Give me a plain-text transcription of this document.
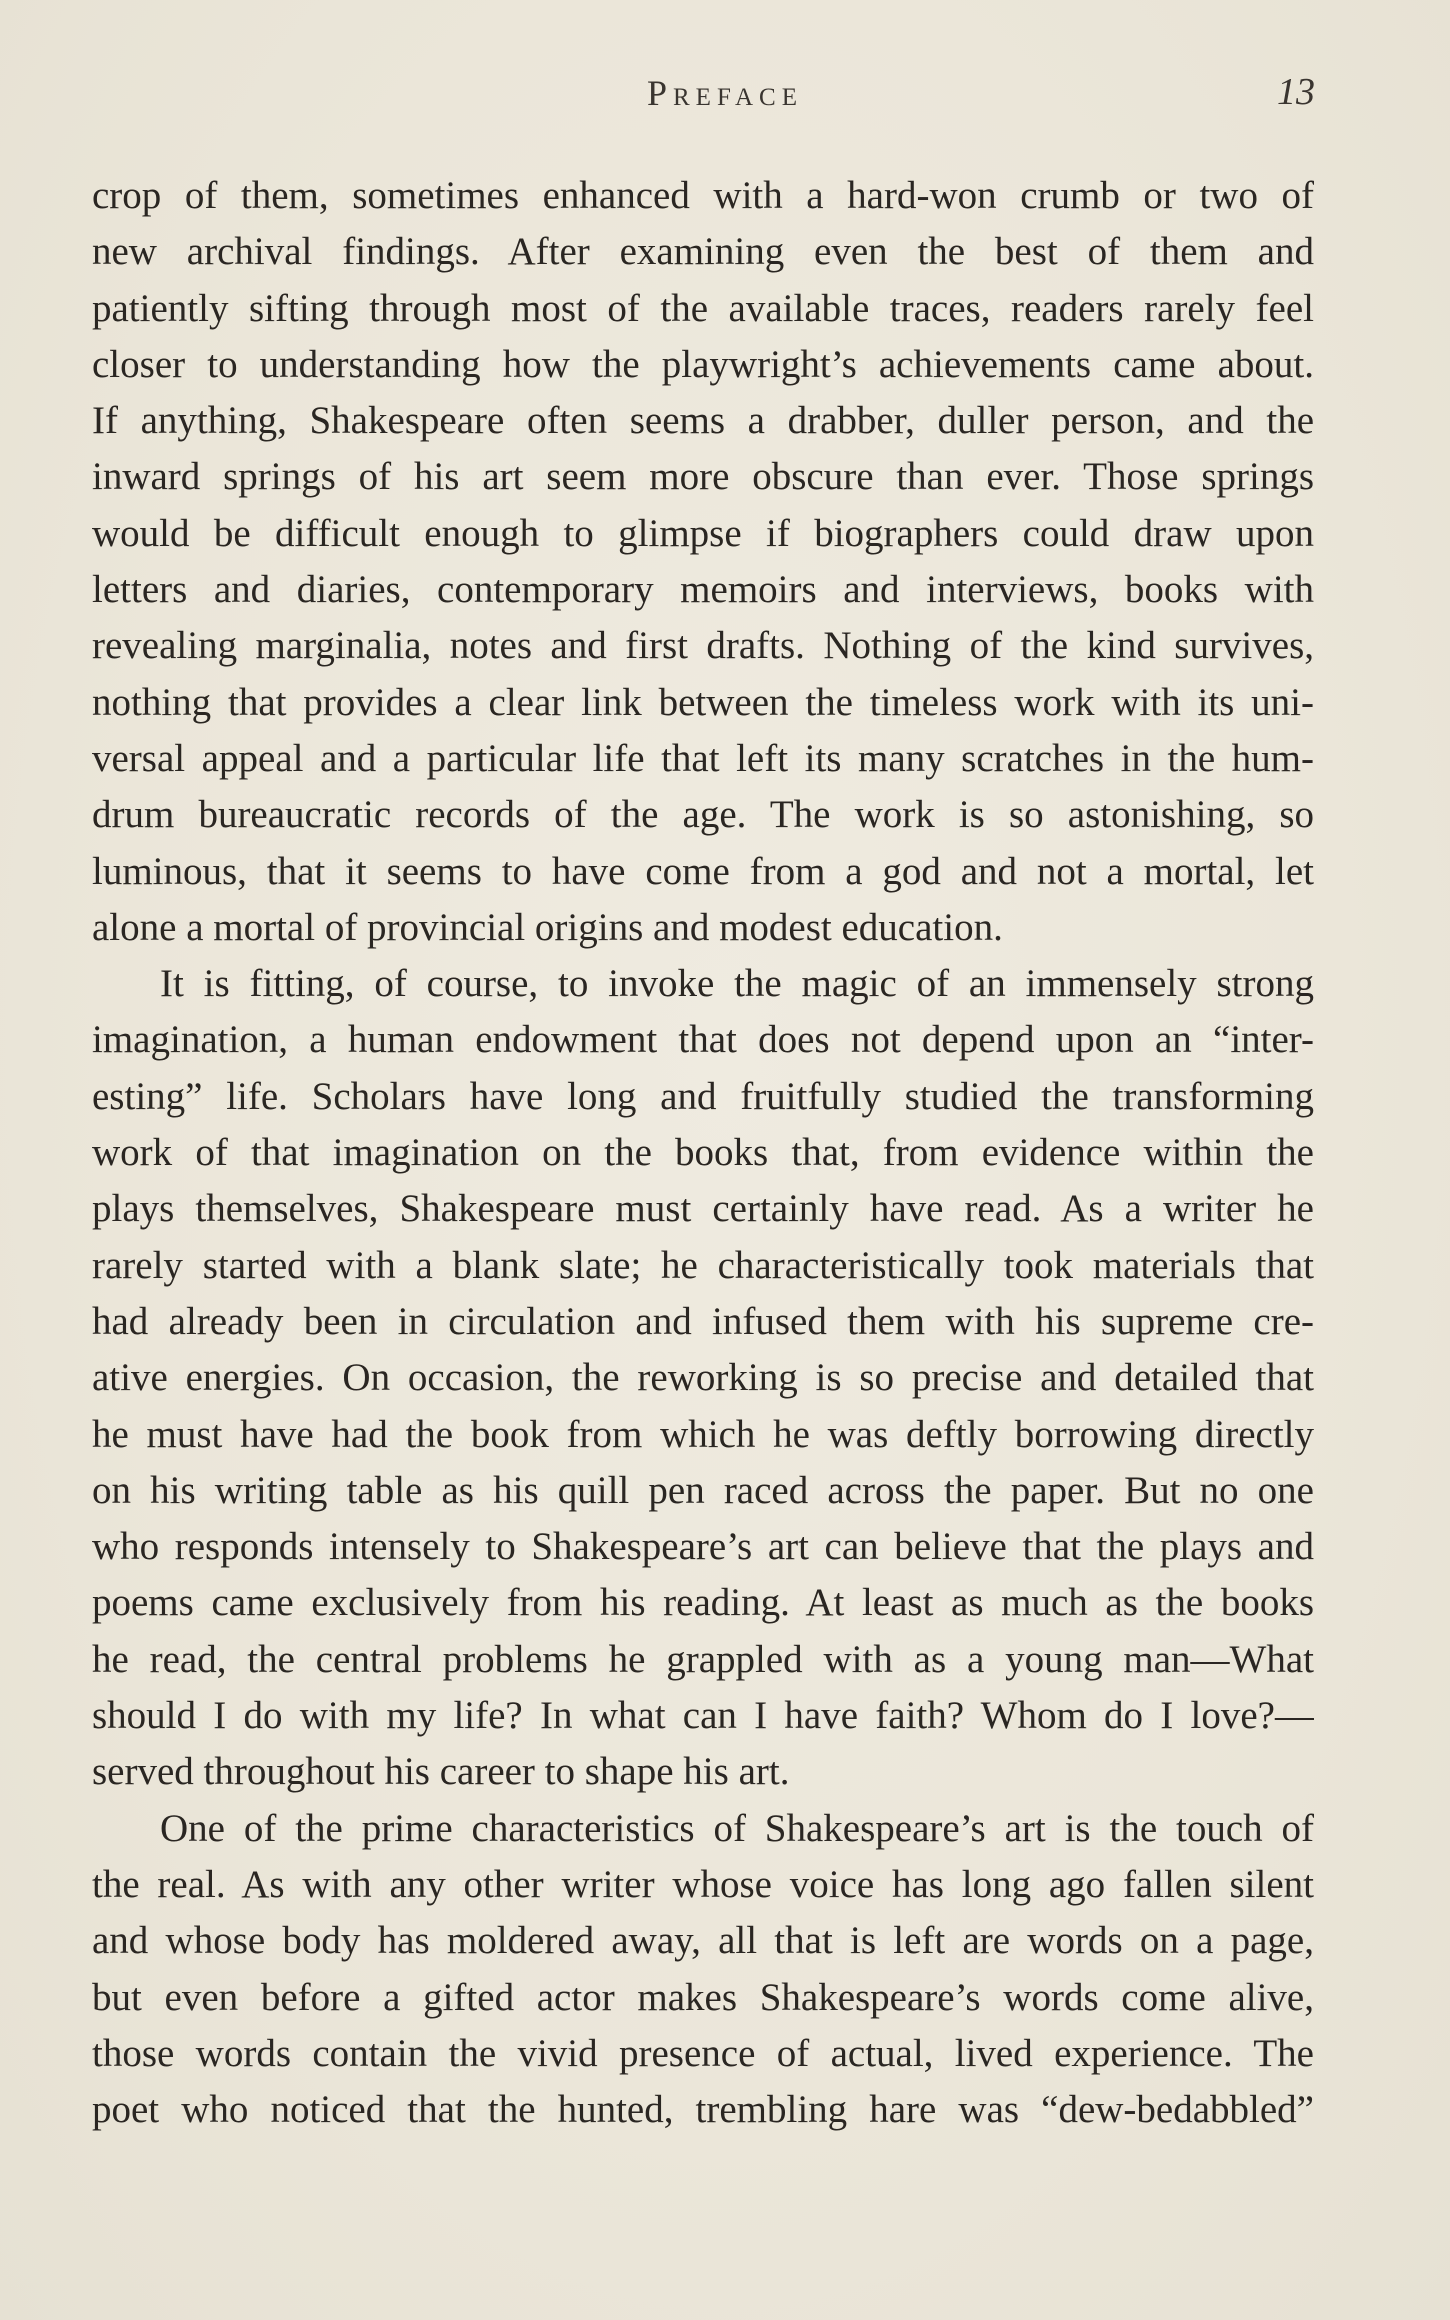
Preface	13
crop of them, sometimes enhanced with a hard-won crumb or two of
new archival findings. After examining even the best of them and
patiently sifting through most of the available traces, readers rarely feel
closer to understanding how the playwright’s achievements came about.
If anything, Shakespeare often seems a drabber, duller person, and the
inward springs of his art seem more obscure than ever. Those springs
would be difficult enough to glimpse if biographers could draw upon
letters and diaries, contemporary memoirs and interviews, books with
revealing marginalia, notes and first drafts. Nothing of the kind survives,
nothing that provides a clear link between the timeless work with its uni-
versal appeal and a particular life that left its many scratches in the hum-
drum bureaucratic records of the age. The work is so astonishing, so
luminous, that it seems to have come from a god and not a mortal, let
alone a mortal of provincial origins and modest education.
It is fitting, of course, to invoke the magic of an immensely strong
imagination, a human endowment that does not depend upon an “inter-
esting” life. Scholars have long and fruitfully studied the transforming
work of that imagination on the books that, from evidence within the
plays themselves, Shakespeare must certainly have read. As a writer he
rarely started with a blank slate; he characteristically took materials that
had already been in circulation and infused them with his supreme cre-
ative energies. On occasion, the reworking is so precise and detailed that
he must have had the book from which he was deftly borrowing directly
on his writing table as his quill pen raced across the paper. But no one
who responds intensely to Shakespeare’s art can believe that the plays and
poems came exclusively from his reading. At least as much as the books
he read, the central problems he grappled with as a young man—What
should I do with my life? In what can I have faith? Whom do I love?—
served throughout his career to shape his art.
One of the prime characteristics of Shakespeare’s art is the touch of
the real. As with any other writer whose voice has long ago fallen silent
and whose body has moldered away, all that is left are words on a page,
but even before a gifted actor makes Shakespeare’s words come alive,
those words contain the vivid presence of actual, lived experience. The
poet who noticed that the hunted, trembling hare was “dew-bedabbled”
